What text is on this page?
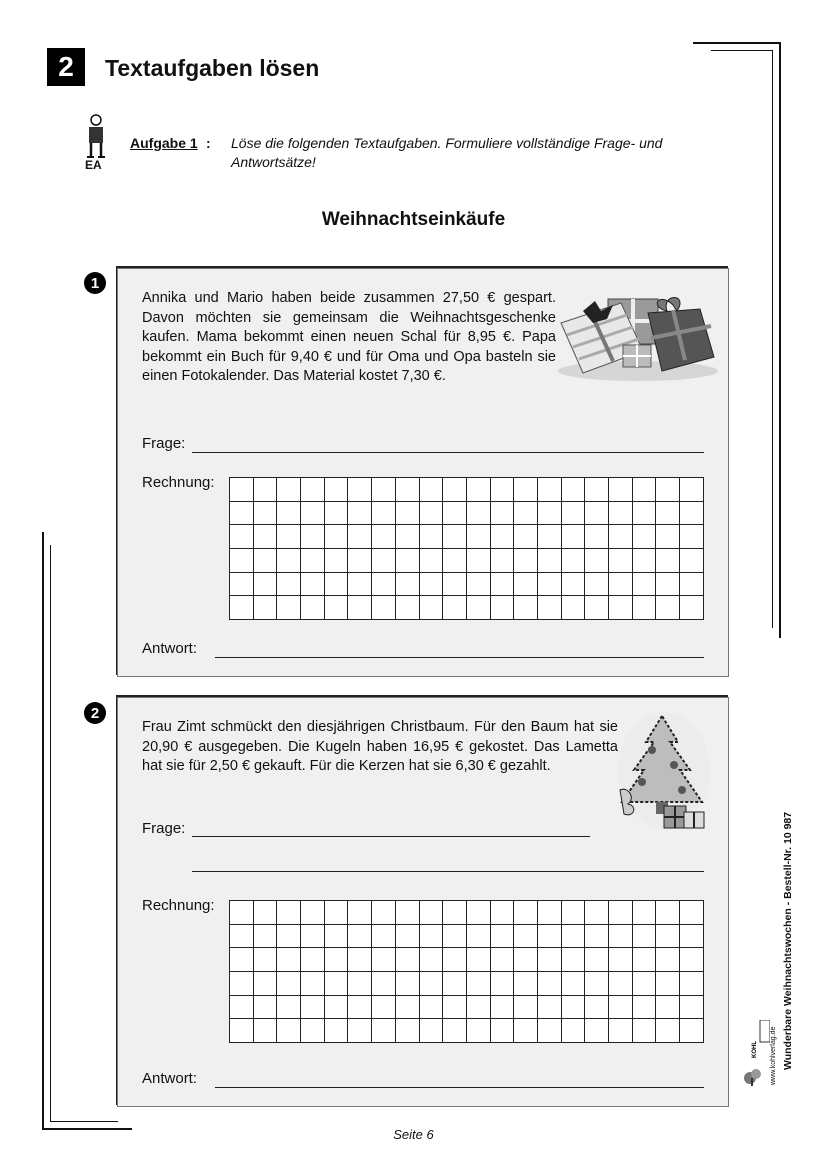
2	Textaufgaben lösen
EA
Aufgabe 1 : Löse die folgenden Textaufgaben. Formuliere vollständige Frage- und Antwortsätze!
Weihnachtseinkäufe
1
Annika und Mario haben beide zusammen 27,50 € gespart. Davon möchten sie gemeinsam die Weihnachtsgeschenke kaufen. Mama bekommt einen neuen Schal für 8,95 €. Papa bekommt ein Buch für 9,40 € und für Oma und Opa basteln sie einen Fotokalender. Das Material kostet 7,30 €.
Frage:
Rechnung:
Antwort:
2
Frau Zimt schmückt den diesjährigen Christbaum. Für den Baum hat sie 20,90 € ausgegeben. Die Kugeln haben 16,95 € gekostet. Das Lametta hat sie für 2,50 € gekauft. Für die Kerzen hat sie 6,30 € gezahlt.
Frage:
Rechnung:
Antwort:
Wunderbare Weihnachtswochen - Bestell-Nr. 10 987
www.kohlverlag.de
KOHL
Seite 6
